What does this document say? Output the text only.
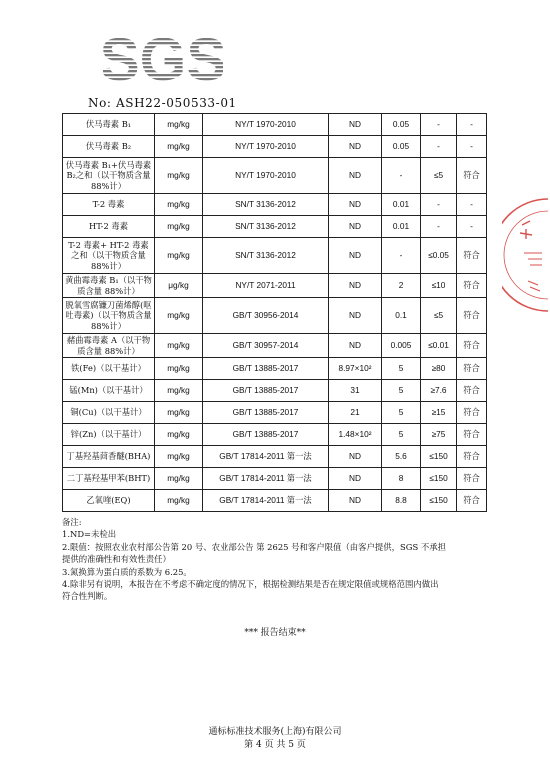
SGS
No: ASH22-050533-01
伏马毒素 B₁	mg/kg	NY/T 1970-2010	ND	0.05	-	-
伏马毒素 B₂	mg/kg	NY/T 1970-2010	ND	0.05	-	-
伏马毒素 B₁+伏马毒素 B₂之和（以干物质含量 88%计）	mg/kg	NY/T 1970-2010	ND	-	≤5	符合
T-2 毒素	mg/kg	SN/T 3136-2012	ND	0.01	-	-
HT-2 毒素	mg/kg	SN/T 3136-2012	ND	0.01	-	-
T-2 毒素+ HT-2 毒素之和（以干物质含量 88%计）	mg/kg	SN/T 3136-2012	ND	-	≤0.05	符合
黄曲霉毒素 B₁（以干物质含量 88%计）	μg/kg	NY/T 2071-2011	ND	2	≤10	符合
脱氧雪腐镰刀菌烯醇(呕吐毒素)（以干物质含量 88%计）	mg/kg	GB/T 30956-2014	ND	0.1	≤5	符合
赭曲霉毒素 A（以干物质含量 88%计）	mg/kg	GB/T 30957-2014	ND	0.005	≤0.01	符合
铁(Fe)（以干基计）	mg/kg	GB/T 13885-2017	8.97×10²	5	≥80	符合
锰(Mn)（以干基计）	mg/kg	GB/T 13885-2017	31	5	≥7.6	符合
铜(Cu)（以干基计）	mg/kg	GB/T 13885-2017	21	5	≥15	符合
锌(Zn)（以干基计）	mg/kg	GB/T 13885-2017	1.48×10²	5	≥75	符合
丁基羟基茴香醚(BHA)	mg/kg	GB/T 17814-2011 第一法	ND	5.6	≤150	符合
二丁基羟基甲苯(BHT)	mg/kg	GB/T 17814-2011 第一法	ND	8	≤150	符合
乙氧喹(EQ)	mg/kg	GB/T 17814-2011 第一法	ND	8.8	≤150	符合
备注:
1.ND=未检出
2.限值：按照农业农村部公告第 20 号、农业部公告 第 2625 号和客户限值（由客户提供，SGS 不承担
提供的准确性和有效性责任）
3.氮换算为蛋白质的系数为 6.25。
4.除非另有说明，本报告在不考虑不确定度的情况下，根据检测结果是否在规定限值或规格范围内做出
符合性判断。
*** 报告结束**
通标标准技术服务(上海)有限公司
第 4 页 共 5 页
